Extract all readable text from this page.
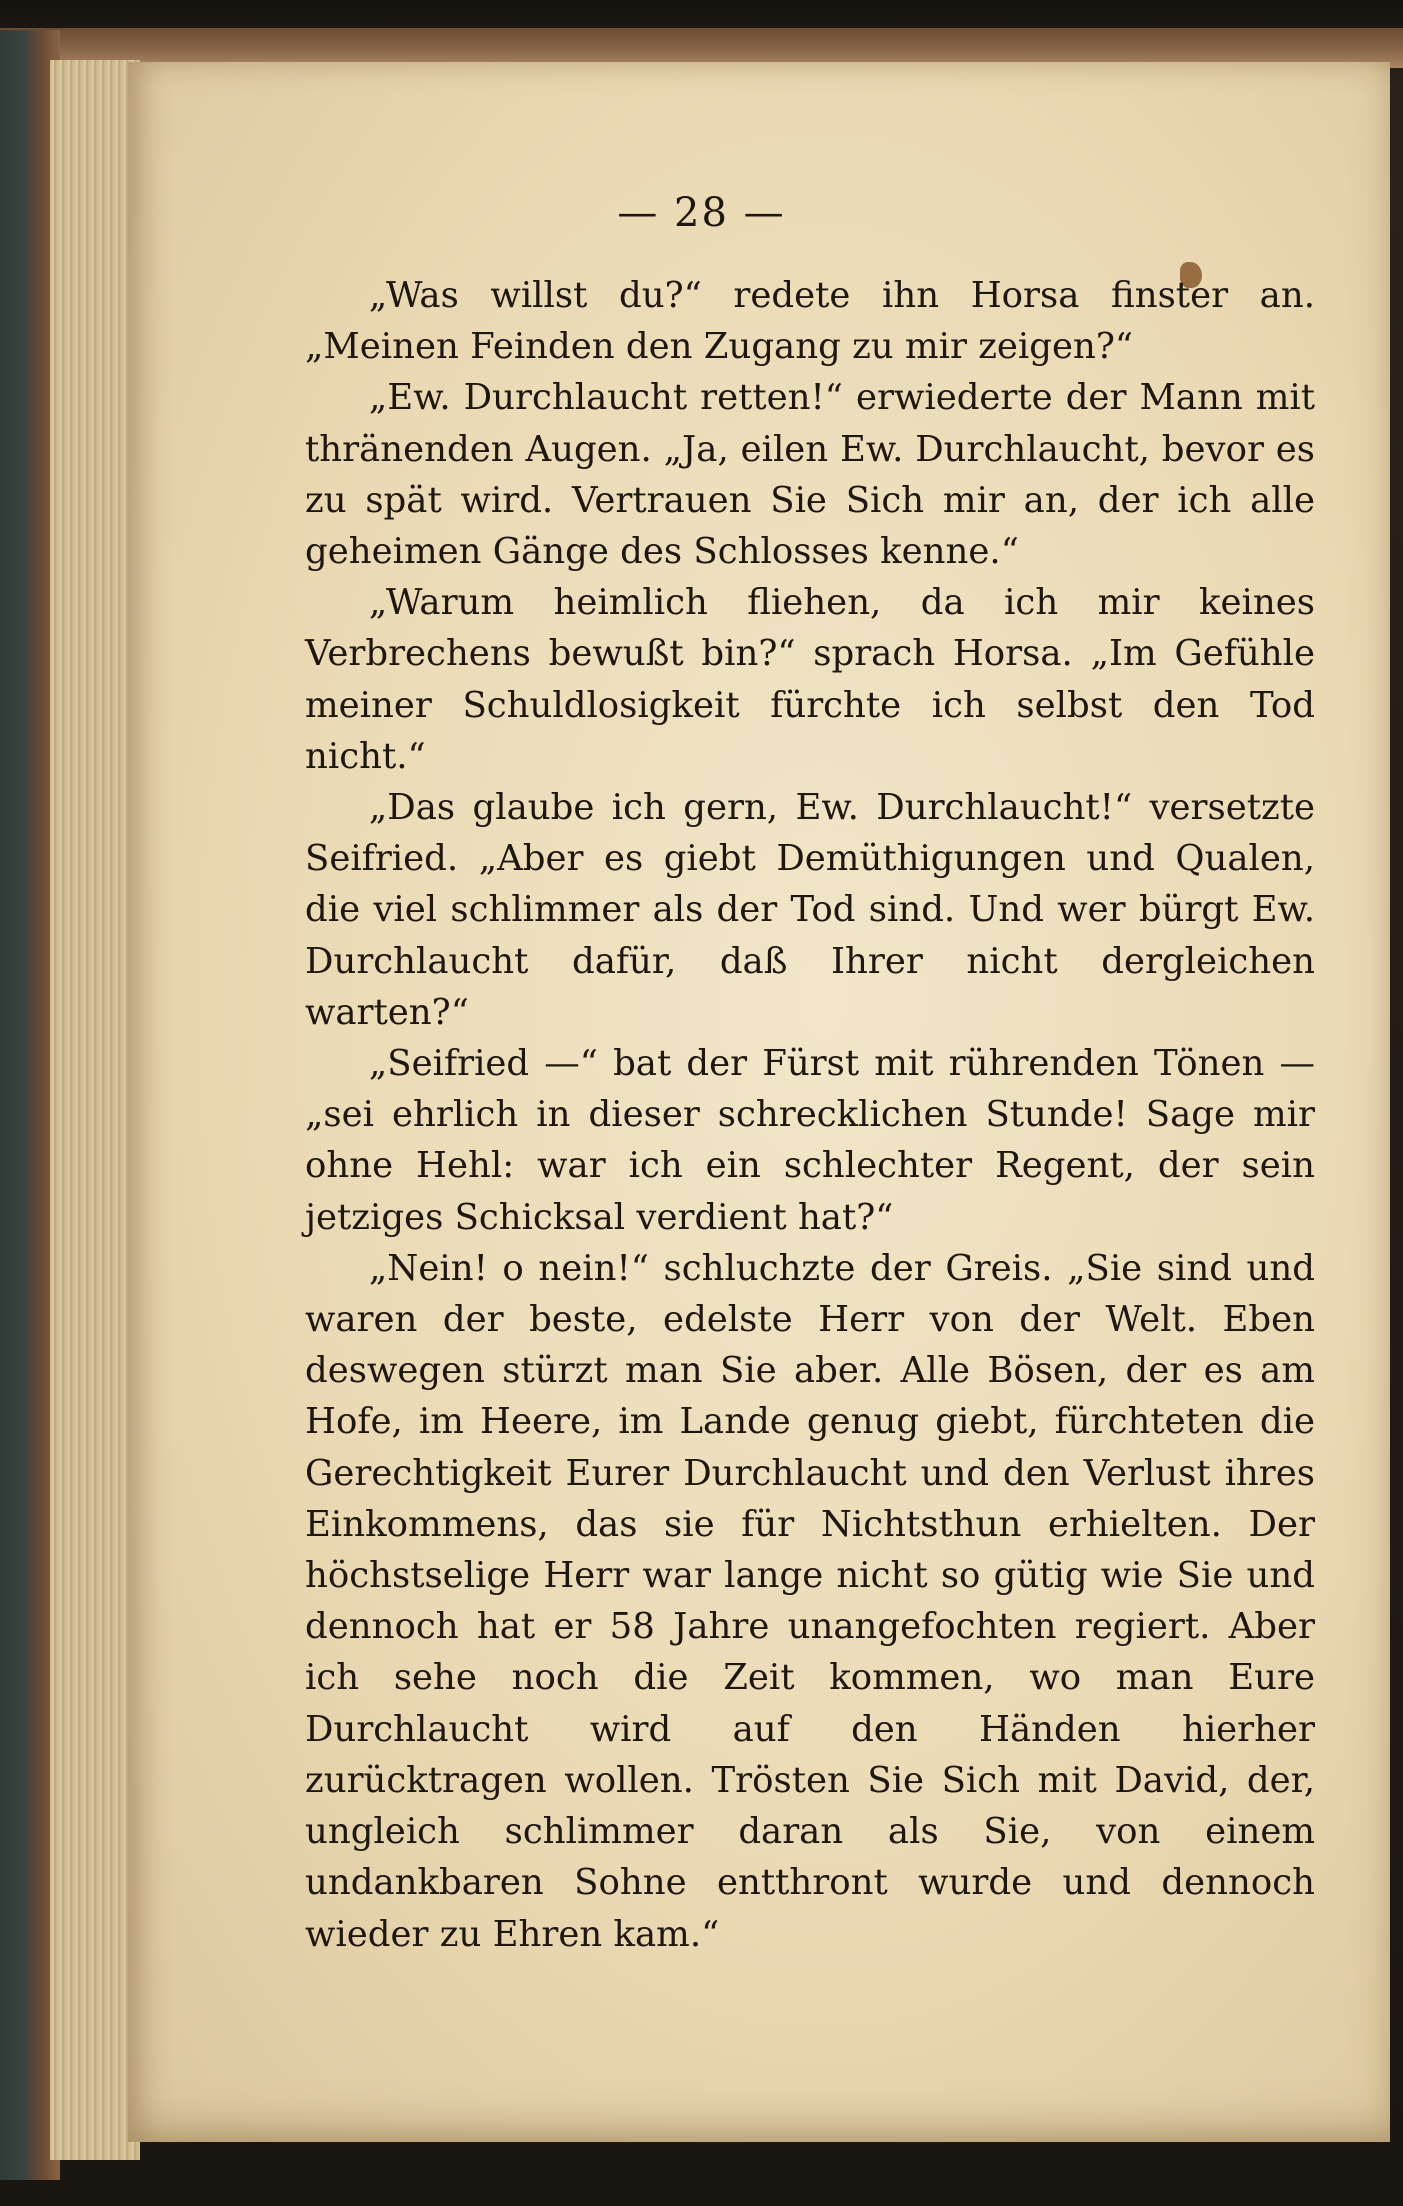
— 28 —

„Was willst du?“ redete ihn Horsa finster an. „Meinen Feinden den Zugang zu mir zeigen?“

„Ew. Durchlaucht retten!“ erwiederte der Mann mit thränenden Augen. „Ja, eilen Ew. Durchlaucht, bevor es zu spät wird. Vertrauen Sie Sich mir an, der ich alle geheimen Gänge des Schlosses kenne.“

„Warum heimlich fliehen, da ich mir keines Verbrechens bewußt bin?“ sprach Horsa. „Im Gefühle meiner Schuldlosigkeit fürchte ich selbst den Tod nicht.“

„Das glaube ich gern, Ew. Durchlaucht!“ versetzte Seifried. „Aber es giebt Demüthigungen und Qualen, die viel schlimmer als der Tod sind. Und wer bürgt Ew. Durchlaucht dafür, daß Ihrer nicht dergleichen warten?“

„Seifried —“ bat der Fürst mit rührenden Tönen — „sei ehrlich in dieser schrecklichen Stunde! Sage mir ohne Hehl: war ich ein schlechter Regent, der sein jetziges Schicksal verdient hat?“

„Nein! o nein!“ schluchzte der Greis. „Sie sind und waren der beste, edelste Herr von der Welt. Eben deswegen stürzt man Sie aber. Alle Bösen, der es am Hofe, im Heere, im Lande genug giebt, fürchteten die Gerechtigkeit Eurer Durchlaucht und den Verlust ihres Einkommens, das sie für Nichtsthun erhielten. Der höchstselige Herr war lange nicht so gütig wie Sie und dennoch hat er 58 Jahre unangefochten regiert. Aber ich sehe noch die Zeit kommen, wo man Eure Durchlaucht wird auf den Händen hierher zurücktragen wollen. Trösten Sie Sich mit David, der, ungleich schlimmer daran als Sie, von einem undankbaren Sohne entthront wurde und dennoch wieder zu Ehren kam.“
